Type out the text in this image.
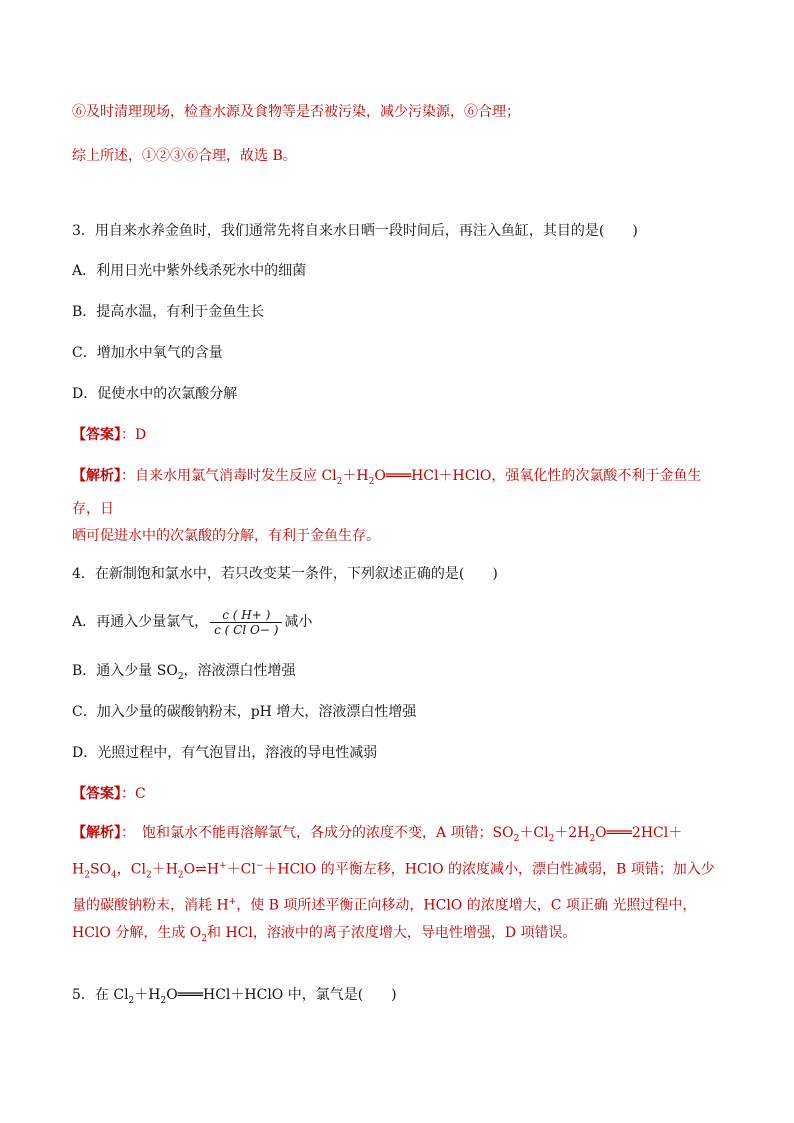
⑥及时清理现场，检查水源及食物等是否被污染，减少污染源，⑥合理；
综上所述，①②③⑥合理，故选 B。
3．用自来水养金鱼时，我们通常先将自来水日晒一段时间后，再注入鱼缸，其目的是(　　)
A．利用日光中紫外线杀死水中的细菌
B．提高水温，有利于金鱼生长
C．增加水中氧气的含量
D．促使水中的次氯酸分解
【答案】：D
【解析】：自来水用氯气消毒时发生反应 $Cl_2+H_2O═══HCl+HClO$，强氧化性的次氯酸不利于金鱼生存，日
晒可促进水中的次氯酸的分解，有利于金鱼生存。
4．在新制饱和氯水中，若只改变某一条件，下列叙述正确的是(　　)
A．再通入少量氯气， $\frac{c ( H+ )}{\text{c ( Cl O− )}}$ 减小
B．通入少量 $SO_2$，溶液漂白性增强
C．加入少量的碳酸钠粉末，pH 增大，溶液漂白性增强
D．光照过程中，有气泡冒出，溶液的导电性减弱
【答案】：C
【解析】：　饱和氯水不能再溶解氯气，各成分的浓度不变，A 项错；$SO_2+Cl_2+2H_2O═══2HCl+H_2SO_4$，$Cl_2+H_2O\rightleftharpoons H^++Cl^-+HClO$ 的平衡左移，HClO 的浓度减小，漂白性减弱，B 项错；加入少量的碳酸钠粉末，消耗 H+，使 B 项所述平衡正向移动，HClO 的浓度增大，C 项正确 光照过程中，HClO 分解，生成 $O_2$和 HCl，溶液中的离子浓度增大，导电性增强，D 项错误。
5．在 $Cl_2+H_2O═══HCl+HClO$ 中，氯气是(　　)
